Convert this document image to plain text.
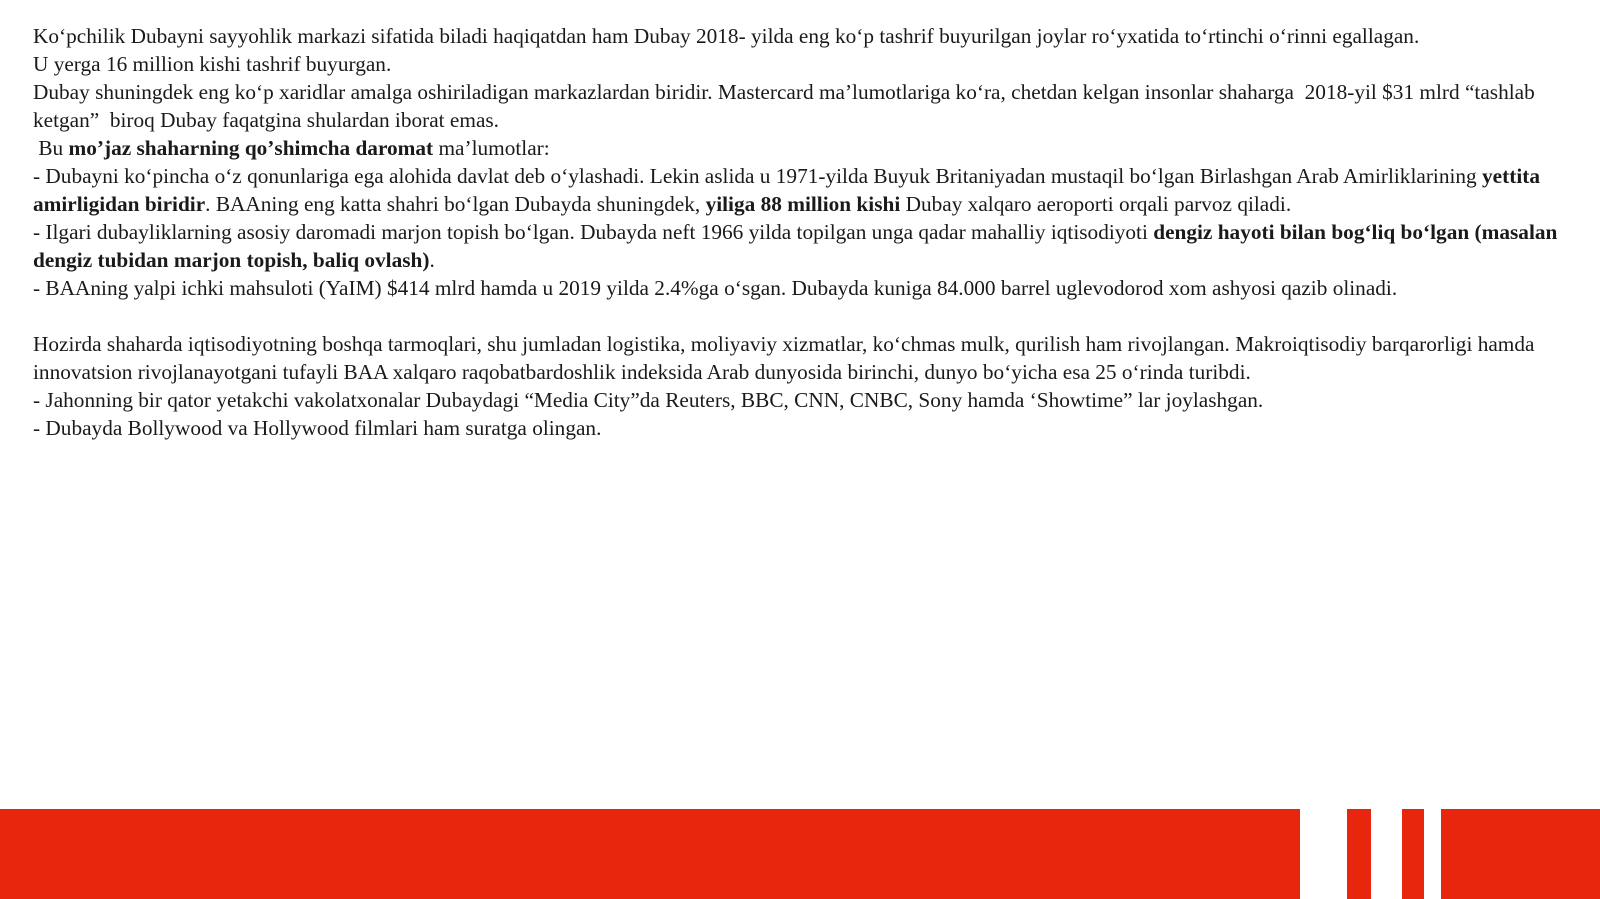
Koʻpchilik Dubayni sayyohlik markazi sifatida biladi haqiqatdan ham Dubay 2018- yilda eng koʻp tashrif buyurilgan joylar roʻyxatida toʻrtinchi oʻrinni egallagan.
U yerga 16 million kishi tashrif buyurgan.

Dubay shuningdek eng koʻp xaridlar amalga oshiriladigan markazlardan biridir. Mastercard maʼlumotlariga koʻra, chetdan kelgan insonlar shaharga  2018-yil $31 mlrd “tashlab ketgan”  biroq Dubay faqatgina shulardan iborat emas.

Bu moʼjaz shaharning qoʼshimcha daromat maʼlumotlar:

- Dubayni koʻpincha oʻz qonunlariga ega alohida davlat deb oʻylashadi. Lekin aslida u 1971-yilda Buyuk Britaniyadan mustaqil boʻlgan Birlashgan Arab Amirliklarining yettita amirligidan biridir. BAAning eng katta shahri boʻlgan Dubayda shuningdek, yiliga 88 million kishi Dubay xalqaro aeroporti orqali parvoz qiladi.

- Ilgari dubayliklarning asosiy daromadi marjon topish boʻlgan. Dubayda neft 1966 yilda topilgan unga qadar mahalliy iqtisodiyoti dengiz hayoti bilan bogʻliq boʻlgan (masalan dengiz tubidan marjon topish, baliq ovlash).

- BAAning yalpi ichki mahsuloti (YaIM) $414 mlrd hamda u 2019 yilda 2.4%ga oʻsgan. Dubayda kuniga 84.000 barrel uglevodorod xom ashyosi qazib olinadi.

Hozirda shaharda iqtisodiyotning boshqa tarmoqlari, shu jumladan logistika, moliyaviy xizmatlar, koʻchmas mulk, qurilish ham rivojlangan. Makroiqtisodiy barqarorligi hamda innovatsion rivojlanayotgani tufayli BAA xalqaro raqobatbardoshlik indeksida Arab dunyosida birinchi, dunyo boʻyicha esa 25 oʻrinda turibdi.

- Jahonning bir qator yetakchi vakolatxonalar Dubaydagi “Media City”da Reuters, BBC, CNN, CNBC, Sony hamda ‘Showtime” lar joylashgan.

- Dubayda Bollywood va Hollywood filmlari ham suratga olingan.
